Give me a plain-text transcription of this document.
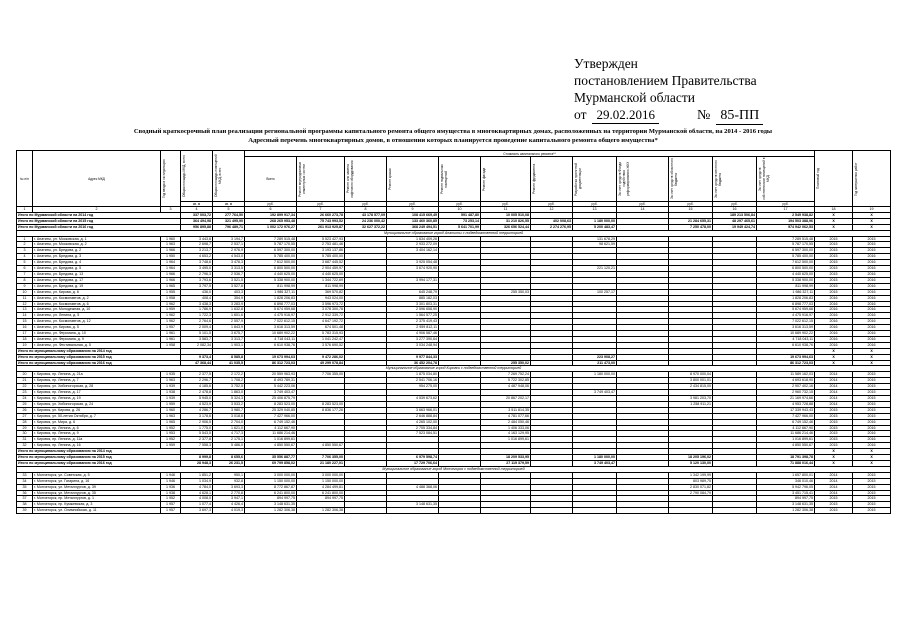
Утвержден
постановлением Правительства
Мурманской области
от 29.02.2016	№ 85-ПП
Сводный краткосрочный план реализации региональной программы капитального ремонта общего имущества в многоквартирных домах, расположенных на территории Мурманской области, на 2014 - 2016 годы
Адресный перечень многоквартирных домов, в отношении которых планируется проведение капитального ремонта общего имущества*
№ п/п	Адрес МКД	Год ввода в эксплуатацию	Общая площадь МКД, всего	Общая площадь помещений МКД, всего	Стоимость капитального ремонта**												Плановый год	Год завершения работ

					Всего	Ремонт внутридомовых инженерных систем	Ремонт или замена лифтового оборудования	Ремонт крыши	Ремонт подвальных помещений	Ремонт фасада	Ремонт фундамента	Разработка проектной документации	За счет средств Фонда содействия реформированию ЖКХ	За счет средств областного бюджета	За счет средств местного бюджета	За счет средств собственников помещений в МКД		

			кв. м	кв. м	руб.	руб.	руб.	руб.	руб.	руб.	руб.	руб.	руб.	руб.	руб.	руб.		
1	2	3	4	5	6	7	8	9	10	11	12	13	14	15	16	17	18	19
Итого по Мурманской области на 2014 год			337 003,72	277 764,50	192 899 917,34	26 660 273,78	43 178 577,09	108 415 669,49	591 487,80	10 005 510,08					189 213 506,84	2 549 938,82	X	X
Итого по Мурманской области на 2015 год			364 494,98	321 495,90	268 265 953,48	75 743 993,52	24 236 000,42	133 460 360,85	73 253,14	31 210 826,55	402 008,63	1 180 000,00		21 284 655,31	48 297 465,61	194 503 388,96	X	X
Итого по Мурманской области на 2016 год			956 895,88	796 489,71	1 002 172 976,27	261 913 925,87	32 627 372,22	368 249 494,51	5 641 701,99	326 656 524,44	2 274 276,95	5 200 483,47		7 250 478,00	19 949 424,74	974 942 062,53	X	X
Муниципальное образование город Апатиты с подведомственной территорией																		
1	г. Апатиты, ул. Московская, д. 1	1 960	3 443,6	3 194,7	7 289 515,48	5 523 427,93		1 634 409,26				131 678,29				7 289 515,48	2015	2015
2	г. Апатиты, ул. Московская, д. 2	1 963	2 698,7	2 537,1	5 787 170,55	2 753 481,46		2 933 272,09				98 621,59				5 787 170,55	2015	2015
3	г. Апатиты, ул. Бредова, д. 2	1 966	3 213,7	2 976,9	6 597 300,00	3 193 137,86		3 404 162,14								6 597 300,00	2015	2015
4	г. Апатиты, ул. Бредова, д. 3	1 950	4 653,2	4 543,0	5 785 400,00	5 785 400,00										5 785 400,00	2015	2016
5	г. Апатиты, ул. Бредова, д. 4	1 964	3 748,6	3 476,3	7 612 500,00	3 687 445,52		3 925 054,48								7 612 500,00	2015	2016
6	г. Апатиты, ул. Бредова, д. 5	1 964	3 495,0	3 313,5	6 800 500,00	2 904 459,97		3 674 920,90				221 120,21				6 800 500,00	2015	2016
7	г. Апатиты, ул. Бредова, д. 13	1 966	2 796,3	2 536,7	4 440 625,00	4 440 625,00										4 440 625,00	2015	2016
8	г. Апатиты, ул. Бредова, д. 17	1 966	3 793,6	3 521,5	5 338 900,00	1 344 722,69		3 994 177,31								5 338 900,00	2015	2016
9	г. Апатиты, ул. Бредова, д. 19	1 965	3 797,5	3 527,6	811 998,99	811 998,99										811 998,99	2015	2016
10	г. Апатиты, ул. Кирова, д. 6	1 955	436,0	403,3	1 986 327,11	369 570,82		645 248,79		255 350,03		100 257,17				1 986 327,11	2015	2016
11	г. Апатиты, ул. Космонавтов, д. 2	1 958	408,4	354,9	1 828 206,83	943 024,00		885 182,03								1 828 206,83	2016	2016
12	г. Апатиты, ул. Космонавтов, д. 6	1 962	3 438,3	3 283,9	6 898 777,03	3 596 973,72		3 301 803,31								6 898 777,03	2016	2016
13	г. Апатиты, ул. Молодежная, д. 10	1 959	1 786,9	1 632,8	5 674 959,68	3 078 300,78		2 596 658,90								5 674 959,68	2016	2016
14	г. Апатиты, ул. Ленина, д. 5	1 962	1 722,3	1 601,6	4 475 916,97	2 912 339,72		1 564 577,25								4 475 916,97	2016	2016
15	г. Апатиты, ул. Космонавтов, д. 12	1 962	2 764,6	2 557,9	7 022 612,15	4 647 192,72		2 375 419,43								7 022 612,15	2016	2016
16	г. Апатиты, ул. Кирова, д. 5	1 957	2 009,4	1 843,9	3 616 313,59	674 501,48		2 959 812,11								3 616 313,59	2016	2016
17	г. Апатиты, ул. Ферсмана, д. 10	1 961	5 101,5	3 675,7	10 689 902,22	5 783 315,93		4 906 587,46								10 689 902,22	2016	2016
18	г. Апатиты, ул. Ферсмана, д. 9	1 961	3 583,7	3 313,7	4 718 043,11	1 041 242,47		3 277 390,64								4 718 043,11	2016	2016
19	г. Апатиты, ул. Фестивальная, д. 5	1 958	2 082,34	1 903,1	6 610 938,76	3 576 690,52		3 034 248,94								6 610 938,76	2016	2016
Итого по муниципальному образованию на 2014 год																	X	X
Итого по муниципальному образованию на 2015 год			9 373,4	8 585,8	19 673 994,63	9 472 286,02		9 977 844,33				223 908,27				19 673 994,63	X	X
Итого по муниципальному образованию на 2016 год			47 368,44	41 035,5	86 312 723,03	49 299 078,84		36 452 204,78		255 350,02		211 473,00				86 312 723,03	X	X
Муниципальное образование город Кировск с подведомственной территорией																		
20	г. Кировск, пр. Ленина, д. 21а	1 935	2 377,5	2 172,2	20 559 963,93	7 706 355,00		1 875 034,80		7 269 752,24		1 180 000,00		8 970 000,04		11 589 162,03	2014	2015
21	г. Кировск, пр. Ленина, д. 7	1 963	2 296,7	1 708,2	8 493 789,31			2 541 706,16		5 722 302,85				3 800 001,01		4 693 618,90	2014	2015
22	г. Кировск, ул. Хибиногорская, д. 28	1 939	4 185,6	3 752,5	5 442 223,06			954 275,00		4 487 948,06				2 434 815,00		2 907 402,16	2014	2015
23	г. Кировск, пр. Ленина, д. 17	1 938	2 478,8	1 863,0	3 749 403,47							3 749 403,47				2 960 732,15	2014	2015
24	г. Кировск, пр. Ленина, д. 19	1 939	5 945,0	5 324,3	25 406 875,79			4 539 673,62		20 867 202,17				3 981 203,70		21 169 974,66	2014	2015
25	г. Кировск, ул. Хибиногорская, д. 24	1 959	4 523,9	3 533,2	8 283 523,00	8 283 523,00								1 258 911,21		4 953 728,88	2014	2015
26	г. Кировск, ул. Кирова, д. 26	1 960	4 286,7	3 980,7	25 329 040,85	8 836 177,26		3 663 966,01		3 511 814,35						17 339 943,43	2015	2015
27	г. Кировск, ул. 50-летия Октября, д. 7	1 963	3 178,6	3 018,6	7 427 966,00			2 646 888,84		4 781 077,66						7 427 966,00	2015	2015
28	г. Кировск, ул. Мира, д. 6	1 965	2 906,5	2 704,0	6 749 152,46			4 265 102,00		2 484 050,46						6 749 152,46	2015	2016
29	г. Кировск, пр. Ленина, д. 6	1 952	1 775,0	1 621,0	4 112 667,90			2 705 334,84		1 406 333,06						4 112 667,90	2015	2016
30	г. Кировск, пр. Ленина, д. 9	1 953	5 543,5	4 717,3	11 686 214,46			7 523 084,51		4 163 129,95						11 686 214,46	2015	2016
31	г. Кировск, пр. Ленина, д. 11а	1 952	2 377,8	2 175,1	1 016 899,61					1 016 899,61						1 016 899,61	2015	2016
32	г. Кировск, пр. Ленина, д. 16	1 959	7 558,3	5 486,0	4 850 550,67	4 850 550,67										4 850 550,67	2015	2016
Итого по муниципальному образованию на 2014 год																	X	X
Итого по муниципальному образованию на 2015 год			8 999,8	8 655,6	35 556 887,77	7 706 355,00		6 979 598,74		18 209 533,95		1 180 000,00		18 205 196,02		18 791 398,78	X	X
Итого по муниципальному образованию на 2016 год			28 948,3	26 231,5	69 799 858,02	21 180 227,01		17 729 706,64		27 119 379,59		3 749 403,47		5 120 130,00		71 888 016,44	X	X
Муниципальное образование город Мончегорск с подведомственной территорией																		
33	г. Мончегорск, ул. Советская, д. 5	1 946	1 851,2	950,1	3 000 000,00	3 000 000,00								1 342 199,99		1 657 800,01	2014	2015
34	г. Мончегорск, ул. Гагарина, д. 16	1 946	1 034,9	932,8	1 150 000,00	1 150 000,00								803 989,75		346 010,46	2014	2015
35	г. Мончегорск, ул. Металлургов, д. 39	1 936	4 784,0	3 693,3	8 772 867,87	4 284 499,81		4 488 368,06						2 830 071,82		5 942 796,05	2014	2015
36	г. Мончегорск, ул. Металлургов, д. 35	1 938	4 628,1	2 770,8	6 241 800,00	6 241 800,00								2 790 084,79		3 451 715,41	2014	2015
37	г. Мончегорск, пр. Металлургов, д. 1	1 952	4 008,0	3 947,1	894 997,75	894 997,75										894 997,75	2015	2015
38	г. Мончегорск, пр. Кумжевская, д. 3	1 957	1 077,4	4 426,4	3 148 631,35			3 148 631,35								3 148 631,35	2015	2015
39	г. Мончегорск, ул. Олимпийская, д. 11	1 957	3 697,3	4 019,3	1 282 306,38	1 282 306,38										1 282 306,38	2015	2015
